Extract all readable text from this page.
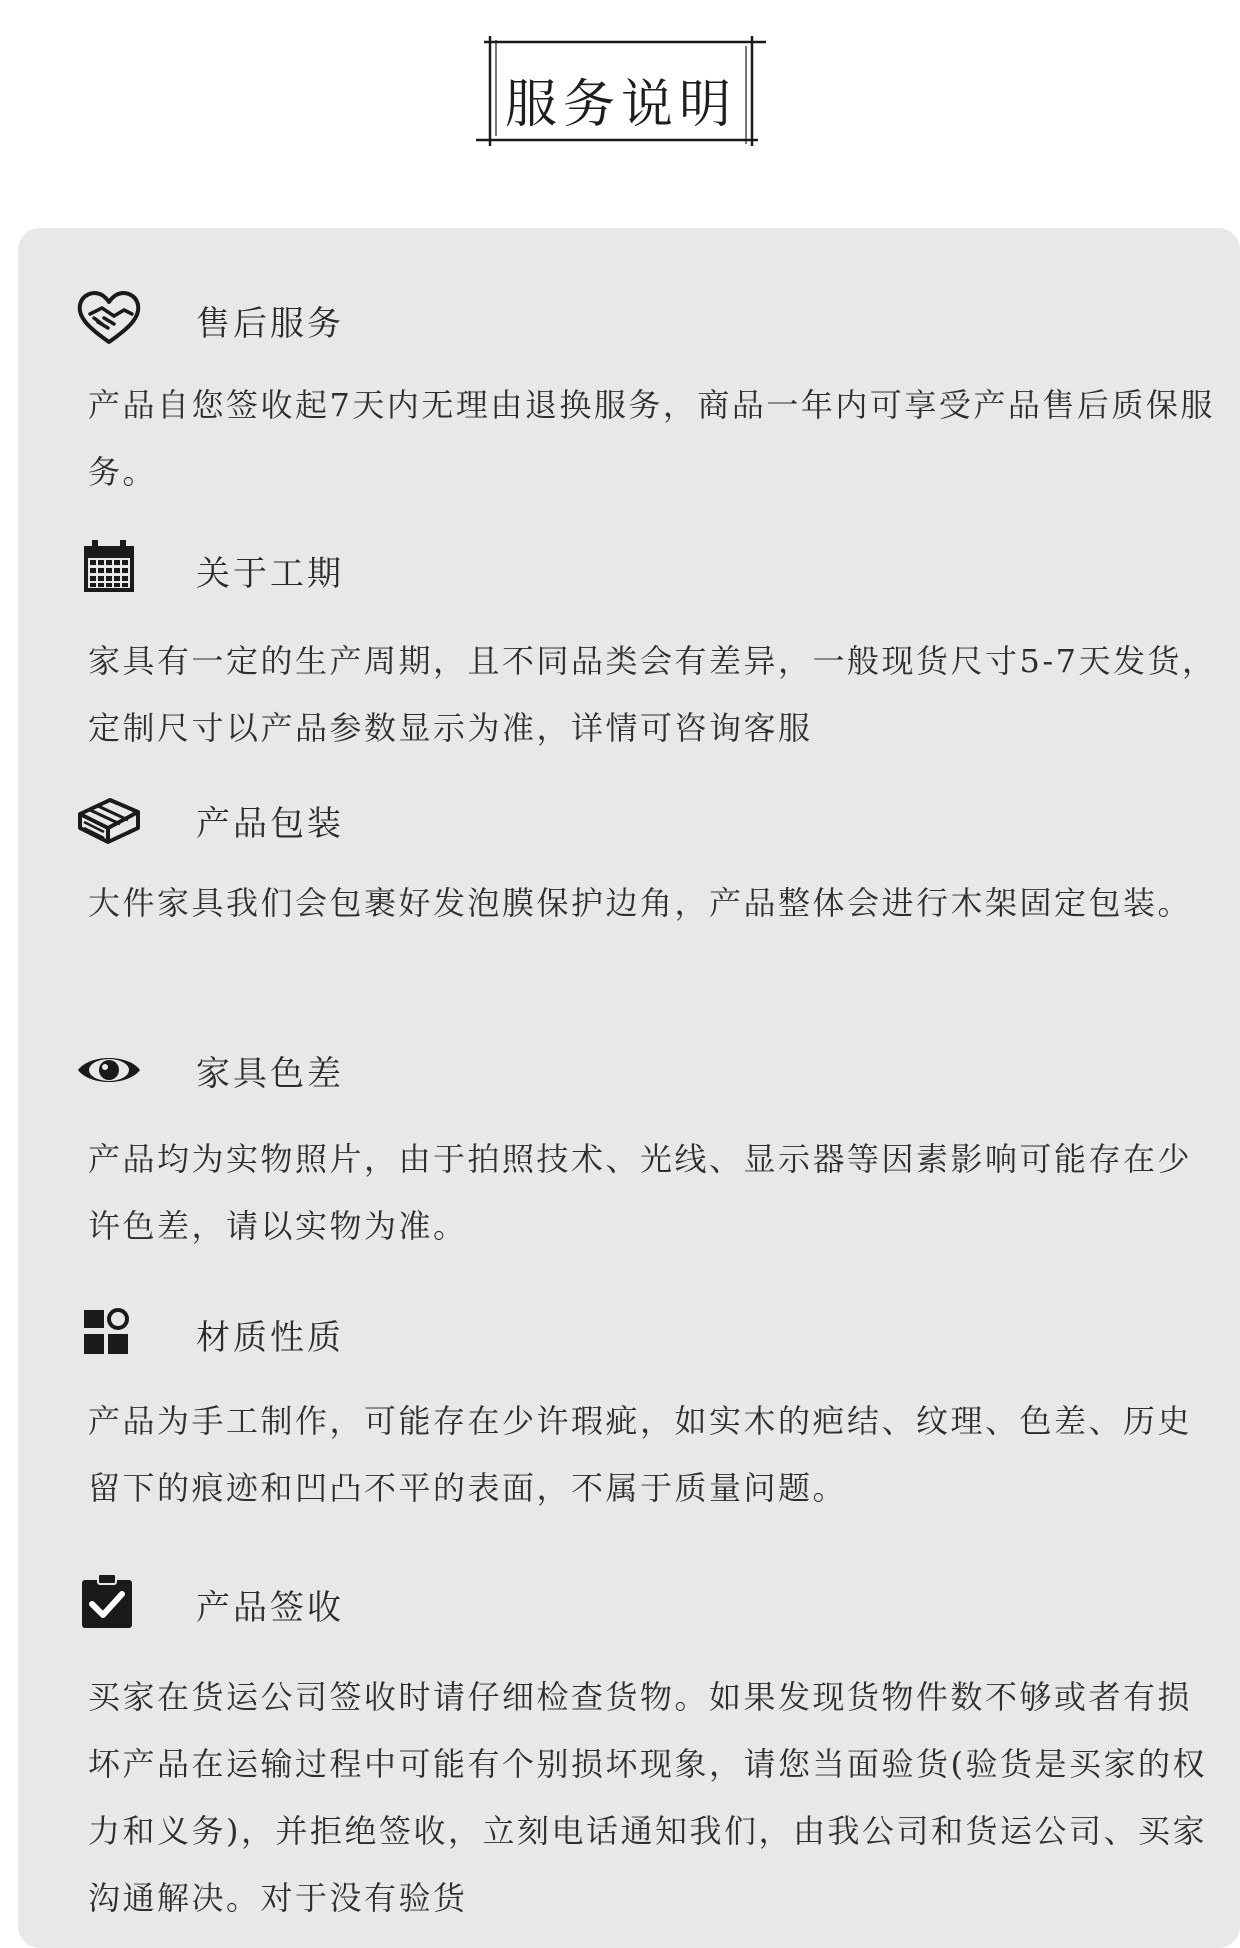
服务说明
售后服务
产品自您签收起7天内无理由退换服务，商品一年内可享受产品售后质保服务。
关于工期
家具有一定的生产周期，且不同品类会有差异，一般现货尺寸5-7天发货，定制尺寸以产品参数显示为准，详情可咨询客服
产品包装
大件家具我们会包裹好发泡膜保护边角，产品整体会进行木架固定包装。
家具色差
产品均为实物照片，由于拍照技术、光线、显示器等因素影响可能存在少许色差，请以实物为准。
材质性质
产品为手工制作，可能存在少许瑕疵，如实木的疤结、纹理、色差、历史留下的痕迹和凹凸不平的表面，不属于质量问题。
产品签收
买家在货运公司签收时请仔细检查货物。如果发现货物件数不够或者有损坏产品在运输过程中可能有个别损坏现象，请您当面验货(验货是买家的权力和义务)，并拒绝签收，立刻电话通知我们，由我公司和货运公司、买家沟通解决。对于没有验货
